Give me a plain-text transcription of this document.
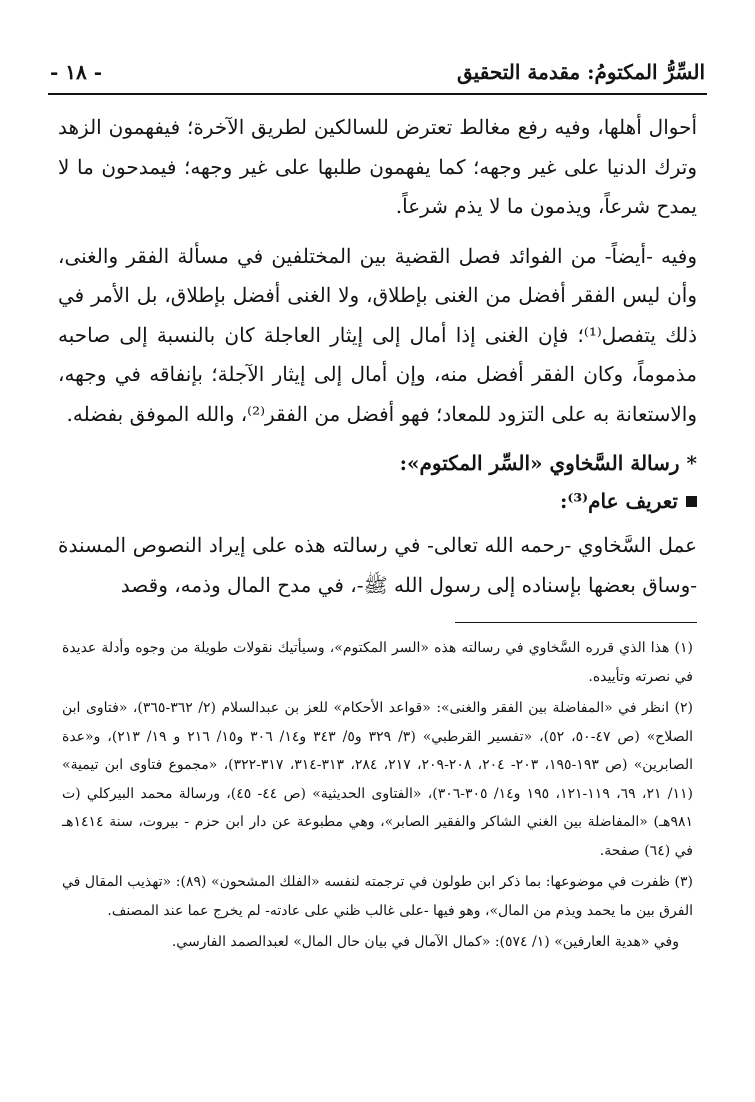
السِّرُّ المكتومُ: مقدمة التحقيق
- ١٨ -

أحوال أهلها، وفيه رفع مغالط تعترض للسالكين لطريق الآخرة؛ فيفهمون الزهد وترك الدنيا على غير وجهه؛ كما يفهمون طلبها على غير وجهه؛ فيمدحون ما لا يمدح شرعاً، ويذمون ما لا يذم شرعاً.

وفيه -أيضاً- من الفوائد فصل القضية بين المختلفين في مسألة الفقر والغنى، وأن ليس الفقر أفضل من الغنى بإطلاق، ولا الغنى أفضل بإطلاق، بل الأمر في ذلك يتفصل⁽¹⁾؛ فإن الغنى إذا أمال إلى إيثار العاجلة كان بالنسبة إلى صاحبه مذموماً، وكان الفقر أفضل منه، وإن أمال إلى إيثار الآجلة؛ بإنفاقه في وجهه، والاستعانة به على التزود للمعاد؛ فهو أفضل من الفقر⁽²⁾، والله الموفق بفضله.

* رسالة السَّخاوي «السِّر المكتوم»:
تعريف عام⁽³⁾:

عمل السَّخاوي -رحمه الله تعالى- في رسالته هذه على إيراد النصوص المسندة -وساق بعضها بإسناده إلى رسول الله ﷺ-، في مدح المال وذمه، وقصد

(١) هذا الذي قرره السَّخاوي في رسالته هذه «السر المكتوم»، وسيأتيك نقولات طويلة من وجوه وأدلة عديدة في نصرته وتأييده.

(٢) انظر في «المفاضلة بين الفقر والغنى»: «قواعد الأحكام» للعز بن عبدالسلام (٢/ ٣٦٢-٣٦٥)، «فتاوى ابن الصلاح» (ص ٤٧-٥٠، ٥٢)، «تفسير القرطبي» (٣/ ٣٢٩ و٥/ ٣٤٣ و١٤/ ٣٠٦ و١٥/ ٢١٦ و ١٩/ ٢١٣)، و«عدة الصابرين» (ص ١٩٣-١٩٥، ٢٠٣- ٢٠٤، ٢٠٨-٢٠٩، ٢١٧، ٢٨٤، ٣١٣-٣١٤، ٣١٧-٣٢٢)، «مجموع فتاوى ابن تيمية» (١١/ ٢١، ٦٩، ١١٩-١٢١، ١٩٥ و١٤/ ٣٠٥-٣٠٦)، «الفتاوى الحديثية» (ص ٤٤- ٤٥)، ورسالة محمد البيركلي (ت ٩٨١هـ) «المفاضلة بين الغني الشاكر والفقير الصابر»، وهي مطبوعة عن دار ابن حزم - بيروت، سنة ١٤١٤هـ في (٦٤) صفحة.

(٣) ظفرت في موضوعها: بما ذكر ابن طولون في ترجمته لنفسه «الفلك المشحون» (٨٩): «تهذيب المقال في الفرق بين ما يحمد ويذم من المال»، وهو فيها -على غالب ظني على عادته- لم يخرج عما عند المصنف.

وفي «هدية العارفين» (١/ ٥٧٤): «كمال الآمال في بيان حال المال» لعبدالصمد الفارسي.
